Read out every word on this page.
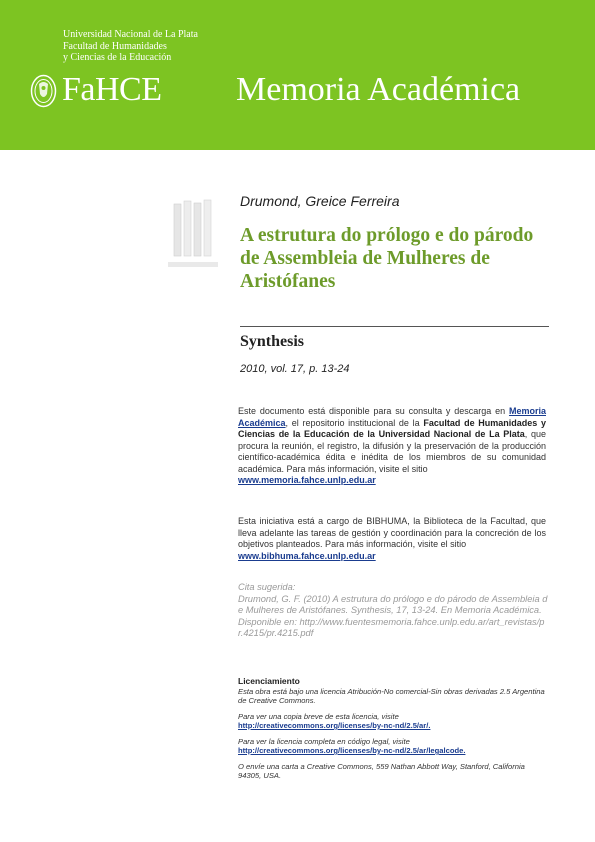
Universidad Nacional de La Plata
Facultad de Humanidades
y Ciencias de la Educación
FaHCE Memoria Académica
Drumond, Greice Ferreira
A estrutura do prólogo e do párodo de Assembleia de Mulheres de Aristófanes
Synthesis
2010, vol. 17, p. 13-24
Este documento está disponible para su consulta y descarga en Memoria Académica, el repositorio institucional de la Facultad de Humanidades y Ciencias de la Educación de la Universidad Nacional de La Plata, que procura la reunión, el registro, la difusión y la preservación de la producción científico-académica édita e inédita de los miembros de su comunidad académica. Para más información, visite el sitio
www.memoria.fahce.unlp.edu.ar
Esta iniciativa está a cargo de BIBHUMA, la Biblioteca de la Facultad, que lleva adelante las tareas de gestión y coordinación para la concreción de los objetivos planteados. Para más información, visite el sitio
www.bibhuma.fahce.unlp.edu.ar
Cita sugerida:
Drumond, G. F. (2010) A estrutura do prólogo e do párodo de Assembleia de Mulheres de Aristófanes. Synthesis, 17, 13-24. En Memoria Académica. Disponible en: http://www.fuentesmemoria.fahce.unlp.edu.ar/art_revistas/pr.4215/pr.4215.pdf
Licenciamiento
Esta obra está bajo una licencia Atribución-No comercial-Sin obras derivadas 2.5 Argentina de Creative Commons.
Para ver una copia breve de esta licencia, visite
http://creativecommons.org/licenses/by-nc-nd/2.5/ar/.
Para ver la licencia completa en código legal, visite
http://creativecommons.org/licenses/by-nc-nd/2.5/ar/legalcode.
O envíe una carta a Creative Commons, 559 Nathan Abbott Way, Stanford, California 94305, USA.
